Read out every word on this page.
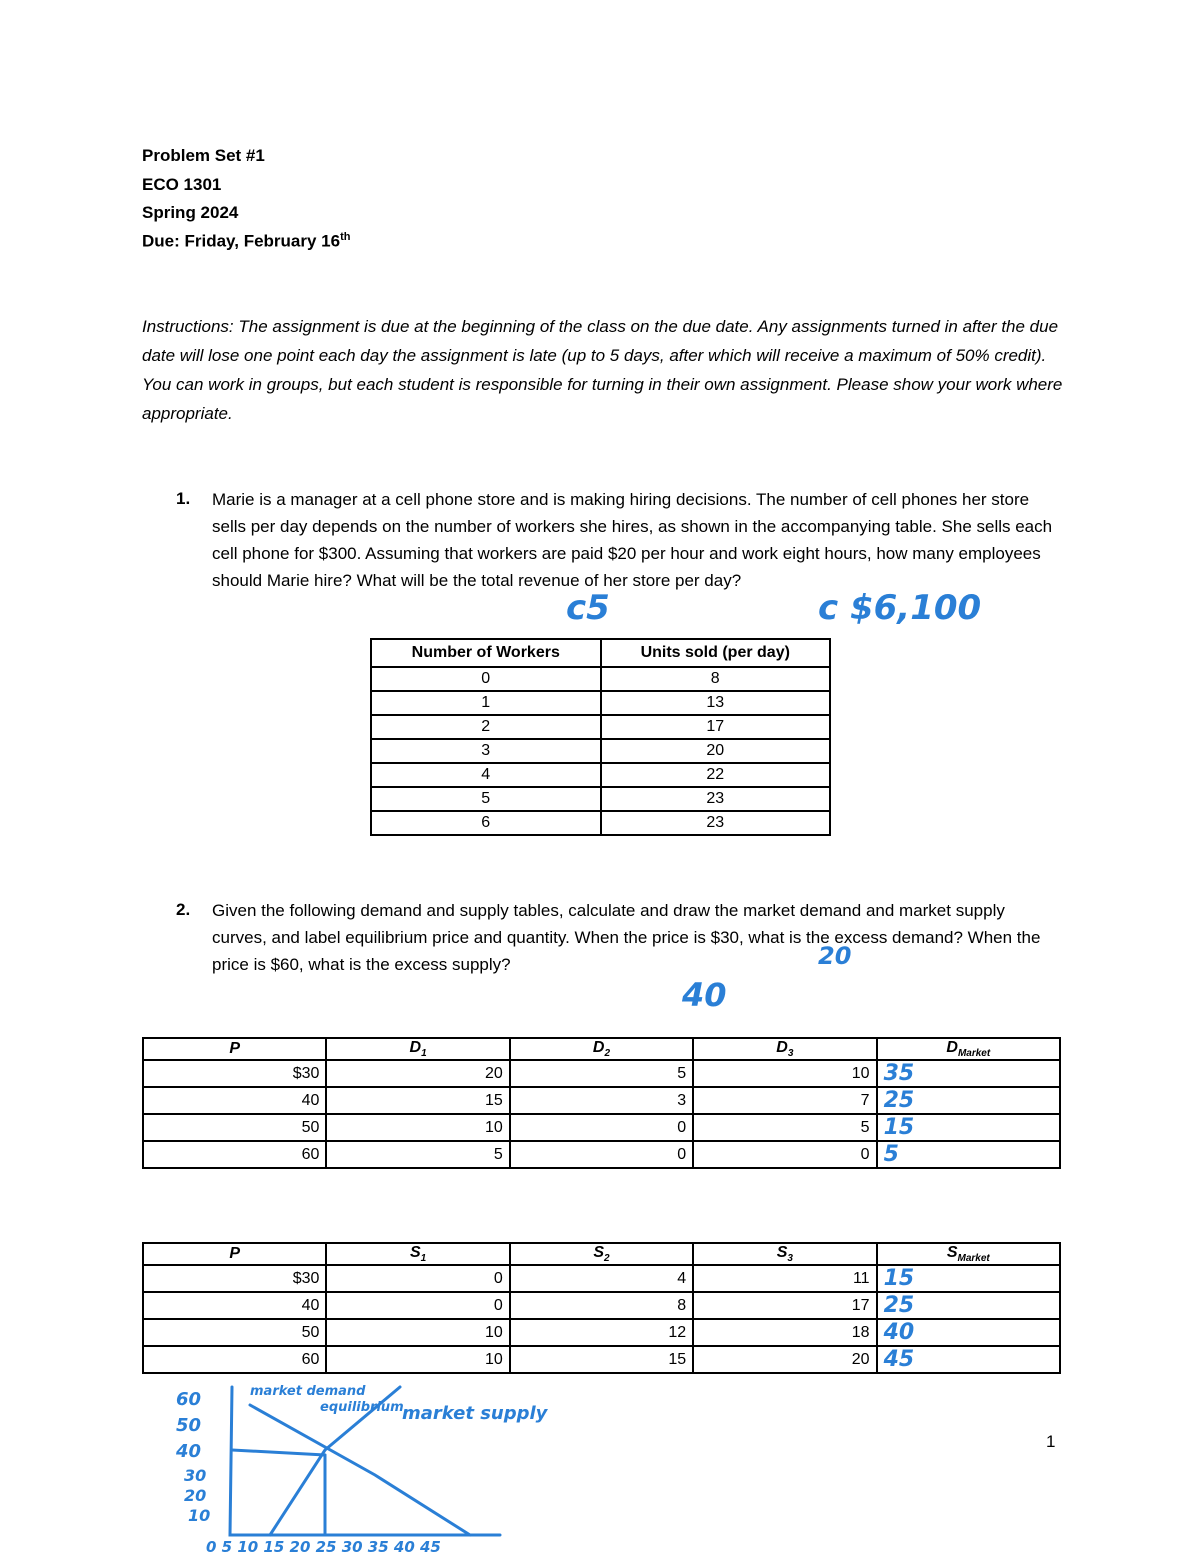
Problem Set #1
ECO 1301
Spring 2024
Due: Friday, February 16th
Instructions: The assignment is due at the beginning of the class on the due date. Any assignments turned in after the due date will lose one point each day the assignment is late (up to 5 days, after which will receive a maximum of 50% credit). You can work in groups, but each student is responsible for turning in their own assignment. Please show your work where appropriate.
1. Marie is a manager at a cell phone store and is making hiring decisions. The number of cell phones her store sells per day depends on the number of workers she hires, as shown in the accompanying table. She sells each cell phone for $300. Assuming that workers are paid $20 per hour and work eight hours, how many employees should Marie hire? What will be the total revenue of her store per day?
c5	c $6,100
Number of Workers	Units sold (per day)
0	8
1	13
2	17
3	20
4	22
5	23
6	23
2. Given the following demand and supply tables, calculate and draw the market demand and market supply curves, and label equilibrium price and quantity. When the price is $30, what is the excess demand? When the price is $60, what is the excess supply?	20
40
P	$D_1$	$D_2$	$D_3$	$D_{Market}$
$30	20	5	10	35
40	15	3	7	25
50	10	0	5	15
60	5	0	0	5
P	$S_1$	$S_2$	$S_3$	$S_{Market}$
$30	0	4	11	15
40	0	8	17	25
50	10	12	18	40
60	10	15	20	45
60
50
40
30
20
10
0 5 10 15 20 25 30 35 40 45
market demand
equilibrium
market supply
1
